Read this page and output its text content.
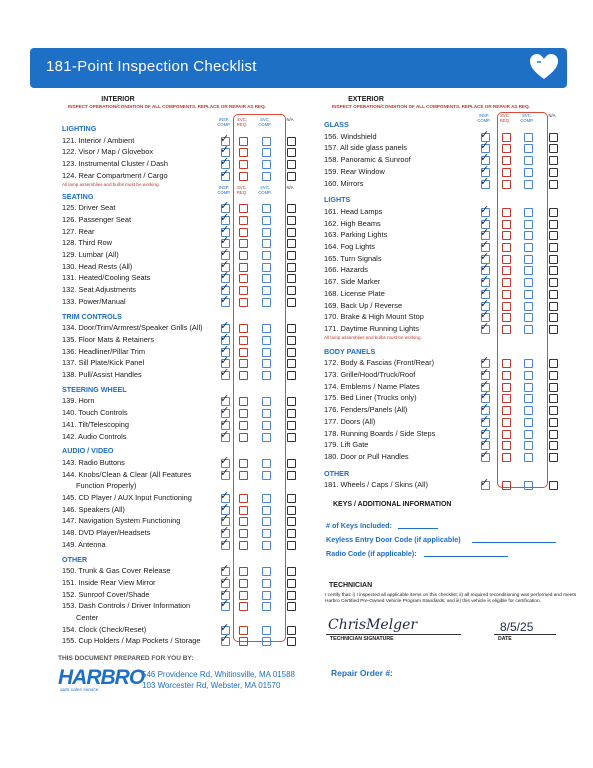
181-Point Inspection Checklist
INTERIOR
INSPECT OPERATION/CONDITION OF ALL COMPONENTS. REPLACE OR REPAIR AS REQ.
EXTERIOR
INSPECT OPERATION/CONDITION OF ALL COMPONENTS. REPLACE OR REPAIR AS REQ.
LIGHTING
INSP.
COMP.
SVC.
REQ.
SVC.
COMP.
N/A
121. Interior / Ambient	✓
122. Visor / Map / Glovebox	✓
123. Instrumental Cluster / Dash	✓
124. Rear Compartment / Cargo	✓
All lamp assemblies and bulbs must be working.
SEATING
INSP.
COMP.
SVC.
REQ.
SVC.
COMP.
N/A
125. Driver Seat	✓
126. Passenger Seat	✓
127. Rear	✓
128. Third Row	✓
129. Lumbar (All)	✓
130. Head Rests (All)	✓
131. Heated/Cooling Seats	✓
132. Seat Adjustments	✓
133. Power/Manual	✓
TRIM CONTROLS
134. Door/Trim/Armrest/Speaker Grills (All) ✓
135. Floor Mats & Retainers	✓
136. Headliner/Pillar Trim	✓
137. Sill Plate/Kick Panel	✓
138. Pull/Assist Handles	✓
STEERING WHEEL
139. Horn	✓
140. Touch Controls	✓
141. Tilt/Telescoping	✓
142. Audio Controls	✓
AUDIO / VIDEO
143. Radio Buttons	✓
144. Knobs/Clean & Clear (All Features	✓
Function Properly)
145. CD Player / AUX Input Functioning	✓
146. Speakers (All)	✓
147. Navigation System Functioning	✓
148. DVD Player/Headsets	✓
149. Antenna	✓
OTHER
150. Trunk & Gas Cover Release	✓
151. Inside Rear View Mirror	✓
152. Sunroof Cover/Shade	✓
153. Dash Controls / Driver Information	✓
Center
154. Clock (Check/Reset)	✓
155. Cup Holders / Map Pockets / Storage ✓
GLASS
INSP.
COMP.
SVC.
REQ.
SVC.
COMP.
N/A
156. Windshield	✓
157. All side glass panels	✓
158. Panoramic & Sunroof	✓
159. Rear Window	✓
160. Mirrors	✓
LIGHTS
161. Head Lamps	✓
162. High Beams	✓
163. Parking Lights	✓
164. Fog Lights	✓
165. Turn Signals	✓
166. Hazards	✓
167. Side Marker	✓
168. License Plate	✓
169. Back Up / Reverse	✓
170. Brake & High Mount Stop	✓
171. Daytime Running Lights	✓
All lamp assemblies and bulbs must be working.
BODY PANELS
172. Body & Fascias (Front/Rear)	✓
173. Grille/Hood/Truck/Roof	✓
174. Emblems / Name Plates	✓
175. Bed Liner (Trucks only)	✓
176. Fenders/Panels (All)	✓
177. Doors (All)	✓
178. Running Boards / Side Steps	✓
179. Lift Gate	✓
180. Door or Pull Handles	✓
OTHER
181. Wheels / Caps / Skins (All)	✓
KEYS / ADDITIONAL INFORMATION
# of Keys Included:
Keyless Entry Door Code (if applicable)
Radio Code (if applicable):
TECHNICIAN
I certify that: i) I inspected all applicable items on this checklist; ii) all required reconditioning was performed and meets Harbro Certified Pre-Owned Vehicle Program Standards; and iii) this vehicle is eligible for certification.
ChrisMelger
TECHNICIAN SIGNATURE
8/5/25
DATE
THIS DOCUMENT PREPARED FOR YOU BY:
HARBRO
auto sales service
546 Providence Rd, Whitinsville, MA 01588
103 Worcester Rd, Webster, MA 01570
Repair Order #:
